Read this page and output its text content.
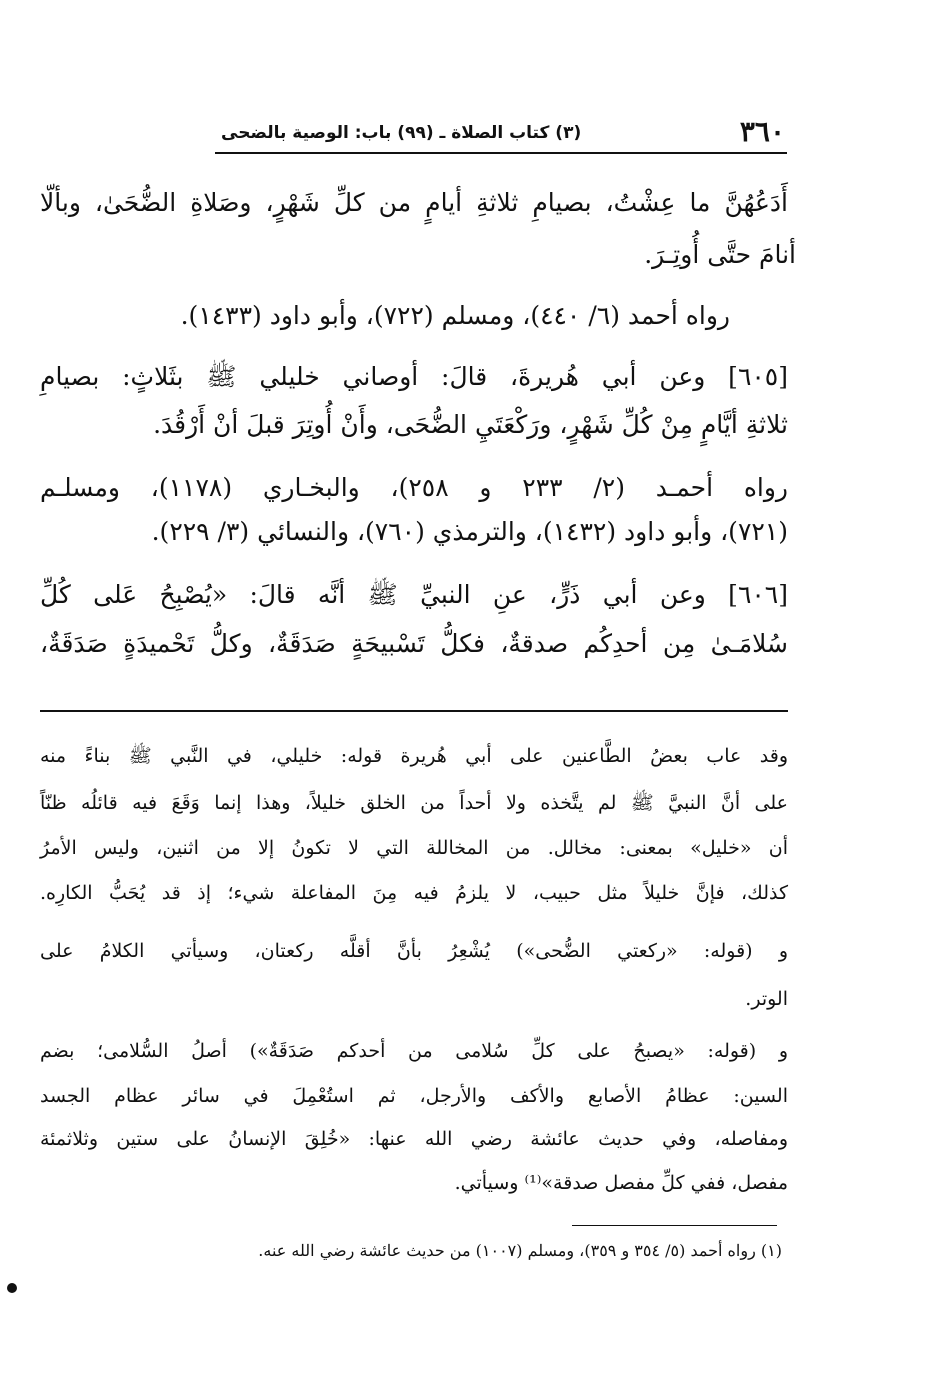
٣٦٠
(٣) كتاب الصلاة ـ (٩٩) باب: الوصية بالضحى
أَدَعُهُنَّ ما عِشْتُ، بصيامِ ثلاثةِ أيامٍ من كلِّ شَهْرٍ، وصَلاةِ الضُّحَىٰ، وبألّا
أنامَ حتَّى أُوتِـرَ.
رواه أحمد (٦/ ٤٤٠)، ومسلم (٧٢٢)، وأبو داود (١٤٣٣).
[٦٠٥] وعن أبي هُريرةَ، قالَ: أوصاني خليلي ﷺ بثَلاثٍ: بصيامِ
ثلاثةِ أيَّامٍ مِنْ كُلِّ شَهْرٍ، ورَكْعَتَيِ الضُّحَى، وأَنْ أُوتِرَ قبلَ أنْ أَرْقُدَ.
رواه أحمـد (٢/ ٢٣٣ و ٢٥٨)، والبخـاري (١١٧٨)، ومسلـم
(٧٢١)، وأبو داود (١٤٣٢)، والترمذي (٧٦٠)، والنسائي (٣/ ٢٢٩).
[٦٠٦] وعن أبي ذَرٍّ، عنِ النبيِّ ﷺ أنَّه قالَ: «يُصْبِحُ عَلى كُلِّ
سُلامَـىٰ مِن أحدِكُم صدقةٌ، فكلُّ تَسْبيحَةٍ صَدَقَةٌ، وكلُّ تَحْميدَةٍ صَدَقَةٌ،
وقد عاب بعضُ الطَّاعنين على أبي هُريرة قوله: خليلي، في النَّبي ﷺ بناءً منه
على أنَّ النبيَّ ﷺ لم يتَّخذه ولا أحداً من الخلق خليلاً، وهذا إنما وَقَعَ فيه قائلُه ظنّاً
أن «خليل» بمعنى: مخالل. من المخاللة التي لا تكونُ إلا من اثنين، وليس الأمرُ
كذلك، فإنَّ خليلاً مثل حبيب، لا يلزمُ فيه مِنَ المفاعلة شيء؛ إذ قد يُحَبُّ الكارِه.
و (قوله: «ركعتي الضُّحى») يُشْعِرُ بأنَّ أقلَّه ركعتان، وسيأتي الكلامُ على
الوتر.
و (قوله: «يصبحُ على كلِّ سُلامى من أحدكم صَدَقَةٌ») أصلُ السُّلامى؛ بضم
السين: عظامُ الأصابع والأكف والأرجل، ثم استُعْمِلَ في سائر عظام الجسد
ومفاصله، وفي حديث عائشة رضي الله عنها: «خُلِقَ الإنسانُ على ستين وثلاثمئة
مفصل، ففي كلِّ مفصل صدقة»⁽¹⁾ وسيأتي.
(١) رواه أحمد (٥/ ٣٥٤ و ٣٥٩)، ومسلم (١٠٠٧) من حديث عائشة رضي الله عنه.
